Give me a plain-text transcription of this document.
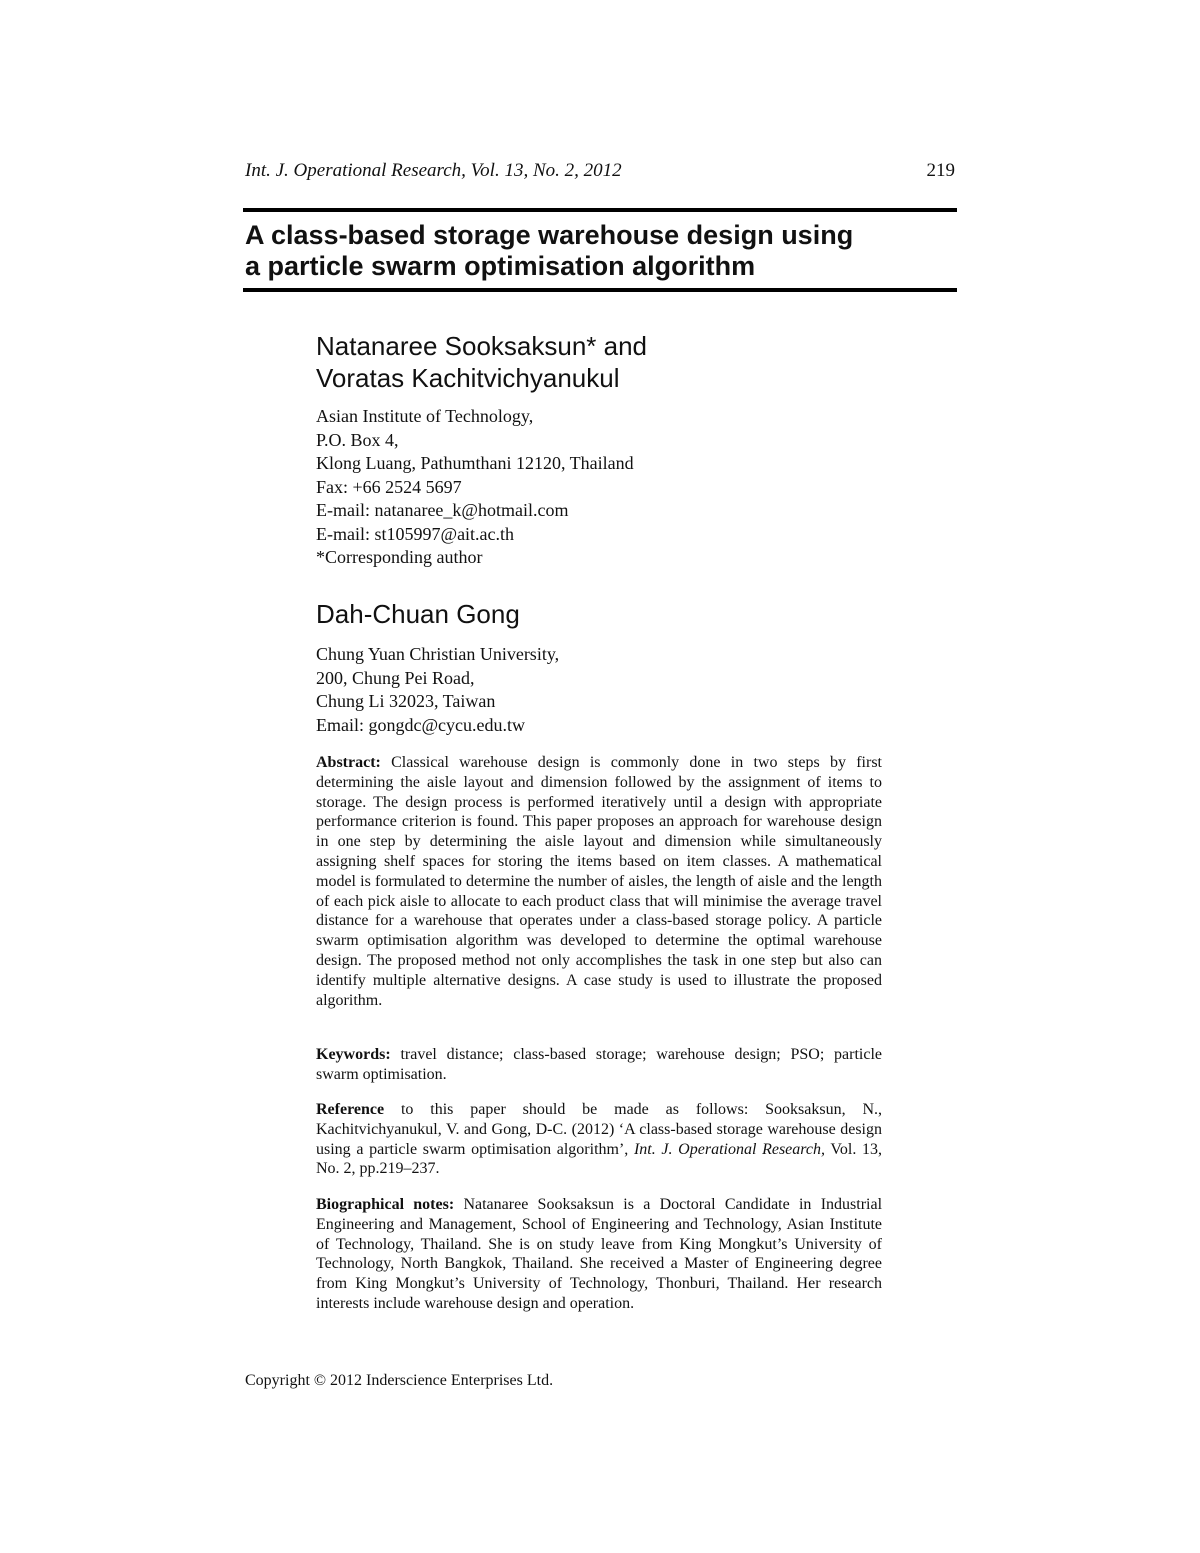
Int. J. Operational Research, Vol. 13, No. 2, 2012	219
A class-based storage warehouse design using
a particle swarm optimisation algorithm
Natanaree Sooksaksun* and
Voratas Kachitvichyanukul
Asian Institute of Technology,
P.O. Box 4,
Klong Luang, Pathumthani 12120, Thailand
Fax: +66 2524 5697
E-mail: natanaree_k@hotmail.com
E-mail: st105997@ait.ac.th
*Corresponding author
Dah-Chuan Gong
Chung Yuan Christian University,
200, Chung Pei Road,
Chung Li 32023, Taiwan
Email: gongdc@cycu.edu.tw
Abstract: Classical warehouse design is commonly done in two steps by first determining the aisle layout and dimension followed by the assignment of items to storage. The design process is performed iteratively until a design with appropriate performance criterion is found. This paper proposes an approach for warehouse design in one step by determining the aisle layout and dimension while simultaneously assigning shelf spaces for storing the items based on item classes. A mathematical model is formulated to determine the number of aisles, the length of aisle and the length of each pick aisle to allocate to each product class that will minimise the average travel distance for a warehouse that operates under a class-based storage policy. A particle swarm optimisation algorithm was developed to determine the optimal warehouse design. The proposed method not only accomplishes the task in one step but also can identify multiple alternative designs. A case study is used to illustrate the proposed algorithm.
Keywords: travel distance; class-based storage; warehouse design; PSO; particle swarm optimisation.
Reference to this paper should be made as follows: Sooksaksun, N., Kachitvichyanukul, V. and Gong, D-C. (2012) ‘A class-based storage warehouse design using a particle swarm optimisation algorithm’, Int. J. Operational Research, Vol. 13, No. 2, pp.219–237.
Biographical notes: Natanaree Sooksaksun is a Doctoral Candidate in Industrial Engineering and Management, School of Engineering and Technology, Asian Institute of Technology, Thailand. She is on study leave from King Mongkut’s University of Technology, North Bangkok, Thailand. She received a Master of Engineering degree from King Mongkut’s University of Technology, Thonburi, Thailand. Her research interests include warehouse design and operation.
Copyright © 2012 Inderscience Enterprises Ltd.
